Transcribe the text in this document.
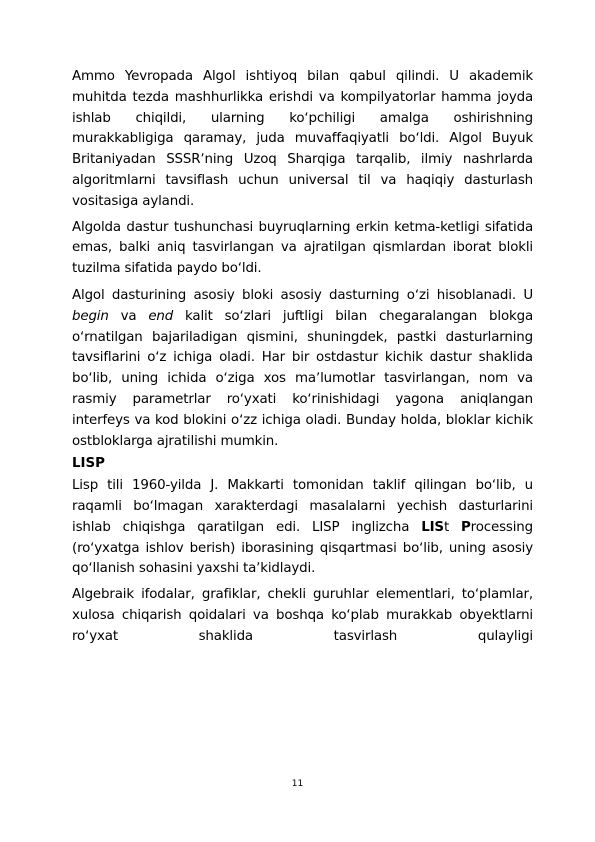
Ammo Yevropada Algol ishtiyoq bilan qabul qilindi. U akademik muhitda tezda mashhurlikka erishdi va kompilyatorlar hamma joyda ishlab chiqildi, ularning koʻpchiligi amalga oshirishning murakkabligiga qaramay, juda muvaffaqiyatli boʻldi. Algol Buyuk Britaniyadan SSSRʼning Uzoq Sharqiga tarqalib, ilmiy nashrlarda algoritmlarni tavsiflash uchun universal til va haqiqiy dasturlash vositasiga aylandi.

Algolda dastur tushunchasi buyruqlarning erkin ketma-ketligi sifatida emas, balki aniq tasvirlangan va ajratilgan qismlardan iborat blokli tuzilma sifatida paydo boʻldi.

Algol dasturining asosiy bloki asosiy dasturning oʻzi hisoblanadi. U begin va end kalit soʻzlari juftligi bilan chegaralangan blokga oʻrnatilgan bajariladigan qismini, shuningdek, pastki dasturlarning tavsiflarini oʻz ichiga oladi. Har bir ostdastur kichik dastur shaklida boʻlib, uning ichida oʻziga xos maʼlumotlar tasvirlangan, nom va rasmiy parametrlar roʻyxati koʻrinishidagi yagona aniqlangan interfeys va kod blokini oʻzz ichiga oladi. Bunday holda, bloklar kichik ostbloklarga ajratilishi mumkin.

LISP

Lisp tili 1960-yilda J. Makkarti tomonidan taklif qilingan boʻlib, u raqamli boʻlmagan xarakterdagi masalalarni yechish dasturlarini ishlab chiqishga qaratilgan edi. LISP inglizcha LISt Processing (roʻyxatga ishlov berish) iborasining qisqartmasi boʻlib, uning asosiy qoʻllanish sohasini yaxshi taʼkidlaydi.

Algebraik ifodalar, grafiklar, chekli guruhlar elementlari, toʻplamlar, xulosa chiqarish qoidalari va boshqa koʻplab murakkab obyektlarni roʻyxat shaklida tasvirlash qulayligi

11
